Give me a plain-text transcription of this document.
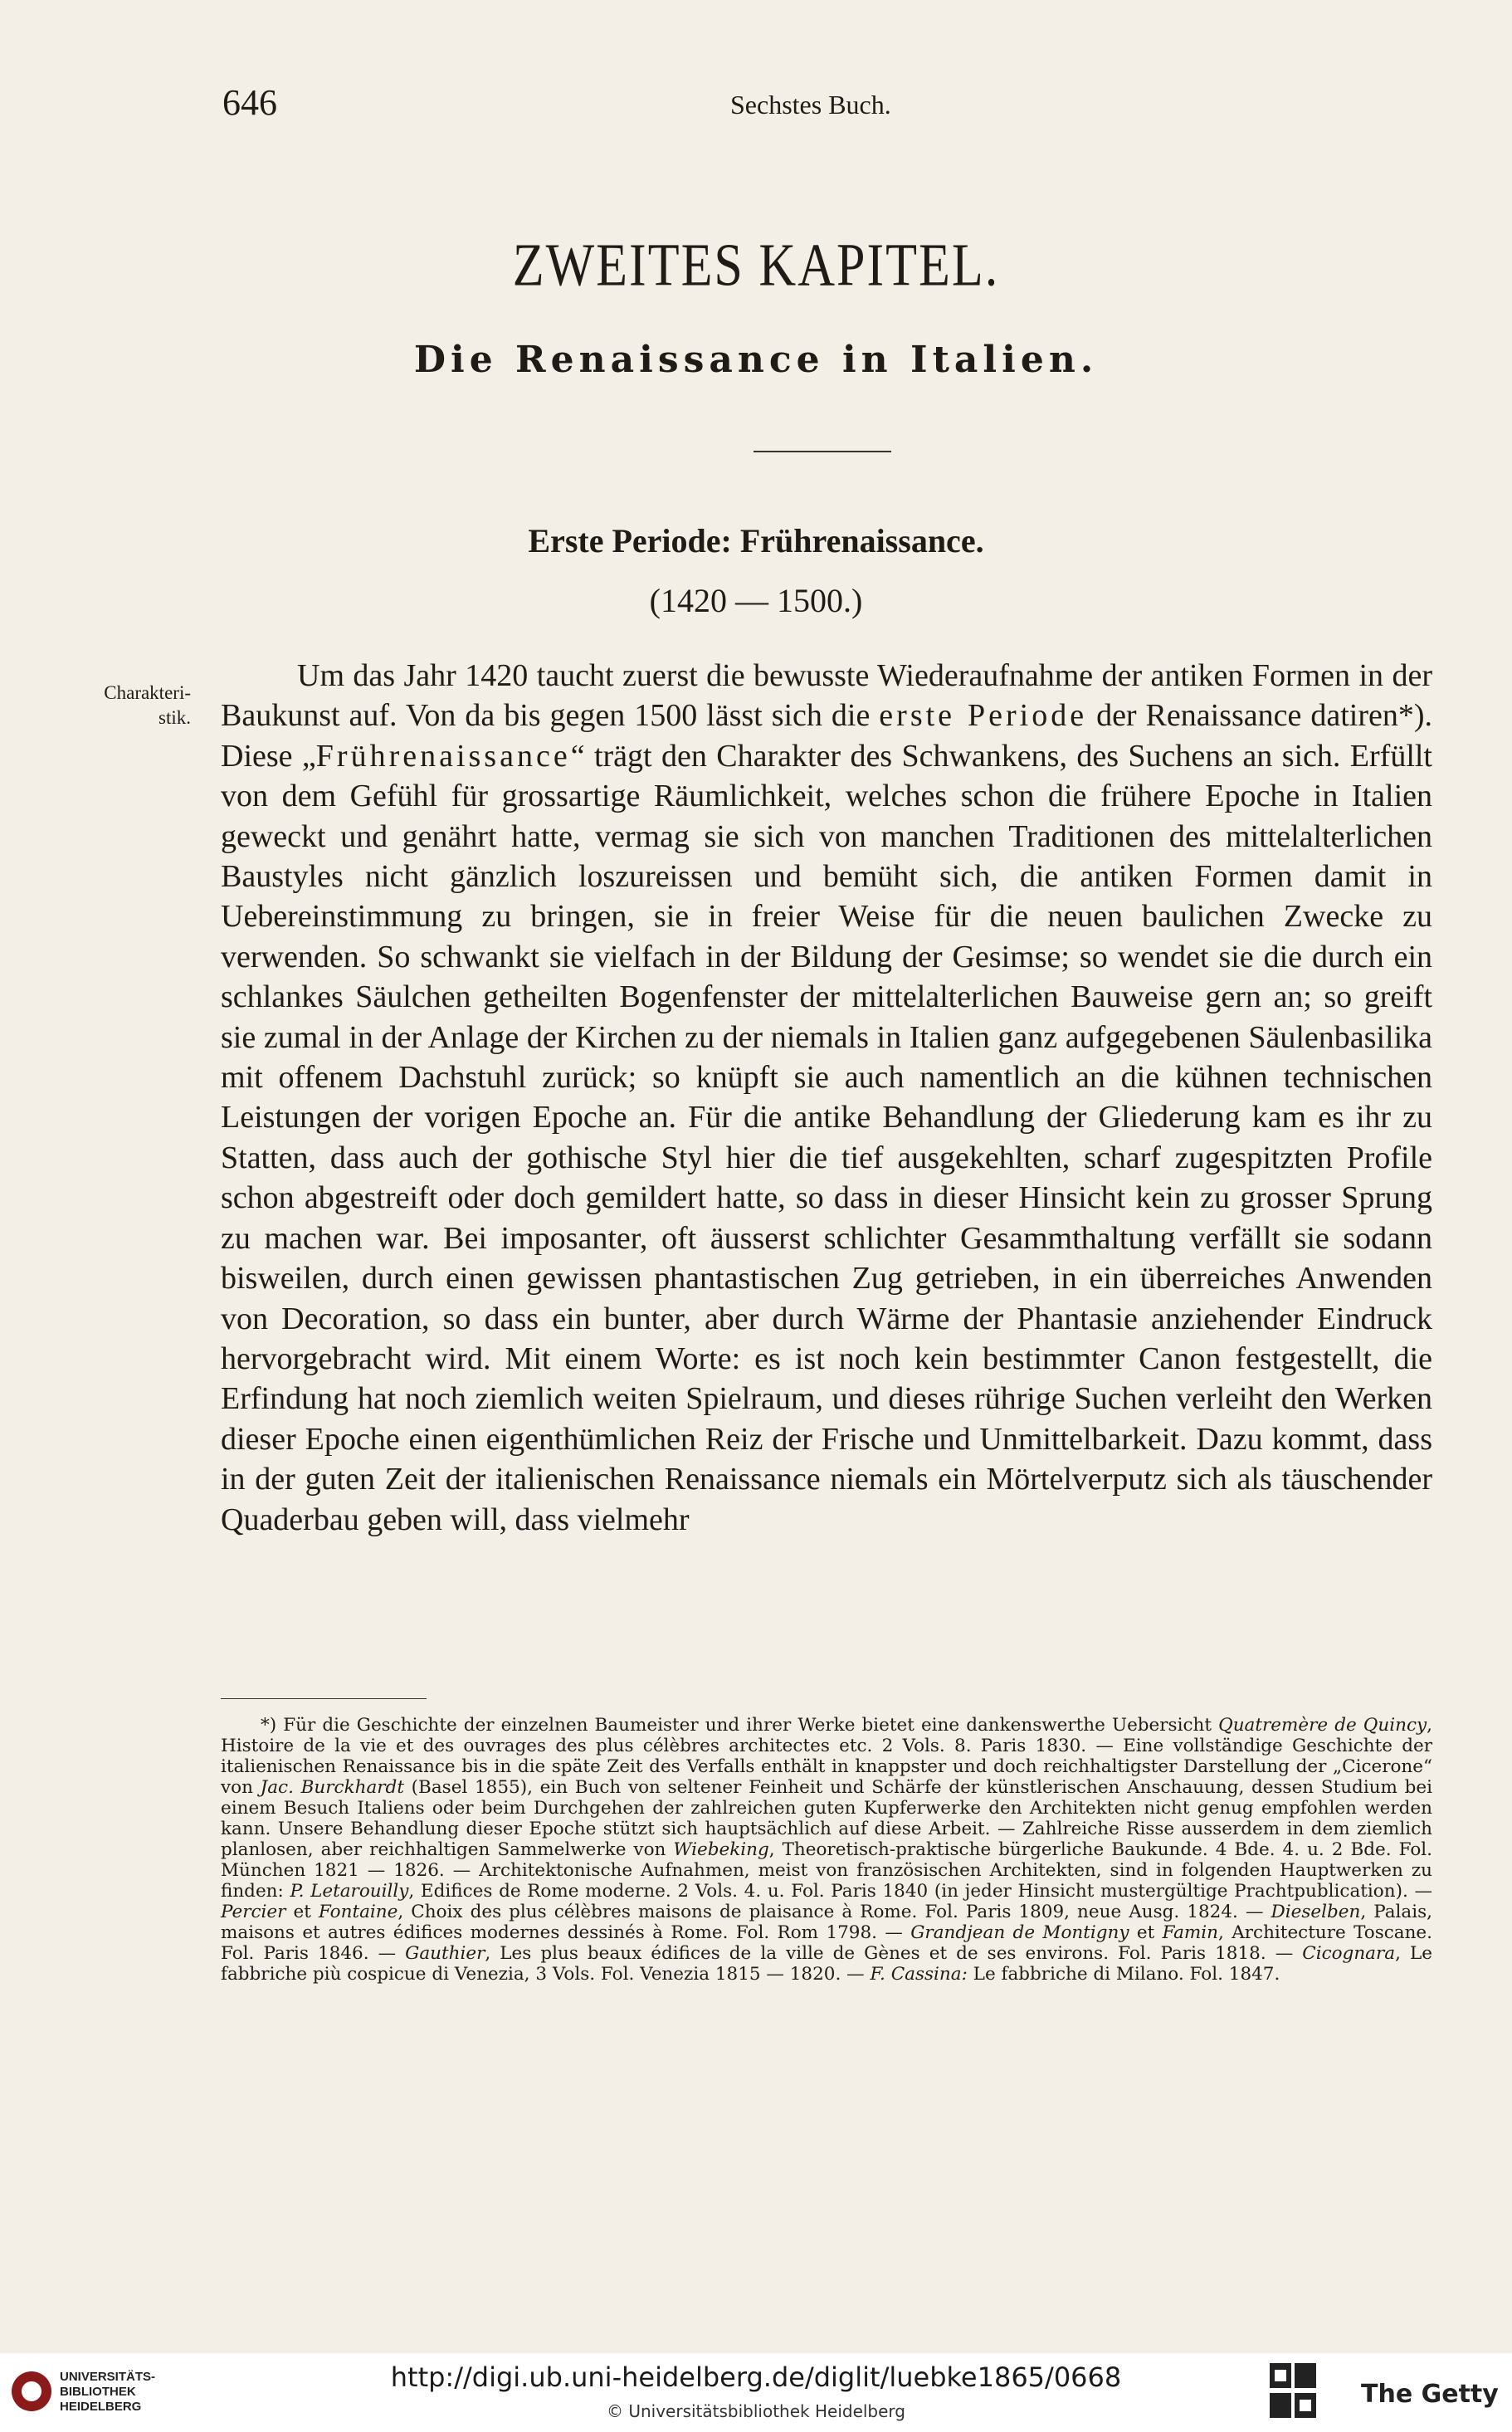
646	Sechstes Buch.
ZWEITES KAPITEL.
Die Renaissance in Italien.
Erste Periode: Frührenaissance.
(1420 — 1500.)
Charakteri-
stik.

Um das Jahr 1420 taucht zuerst die bewusste Wiederaufnahme der antiken Formen in der Baukunst auf. Von da bis gegen 1500 lässt sich die erste Periode der Renaissance datiren*). Diese „Frührenaissance“ trägt den Charakter des Schwankens, des Suchens an sich. Erfüllt von dem Gefühl für grossartige Räumlichkeit, welches schon die frühere Epoche in Italien geweckt und genährt hatte, vermag sie sich von manchen Traditionen des mittelalterlichen Baustyles nicht gänzlich loszureissen und bemüht sich, die antiken Formen damit in Uebereinstimmung zu bringen, sie in freier Weise für die neuen baulichen Zwecke zu verwenden. So schwankt sie vielfach in der Bildung der Gesimse; so wendet sie die durch ein schlankes Säulchen getheilten Bogenfenster der mittelalterlichen Bauweise gern an; so greift sie zumal in der Anlage der Kirchen zu der niemals in Italien ganz aufgegebenen Säulenbasilika mit offenem Dachstuhl zurück; so knüpft sie auch namentlich an die kühnen technischen Leistungen der vorigen Epoche an. Für die antike Behandlung der Gliederung kam es ihr zu Statten, dass auch der gothische Styl hier die tief ausgekehlten, scharf zugespitzten Profile schon abgestreift oder doch gemildert hatte, so dass in dieser Hinsicht kein zu grosser Sprung zu machen war. Bei imposanter, oft äusserst schlichter Gesammthaltung verfällt sie sodann bisweilen, durch einen gewissen phantastischen Zug getrieben, in ein überreiches Anwenden von Decoration, so dass ein bunter, aber durch Wärme der Phantasie anziehender Eindruck hervorgebracht wird. Mit einem Worte: es ist noch kein bestimmter Canon festgestellt, die Erfindung hat noch ziemlich weiten Spielraum, und dieses rührige Suchen verleiht den Werken dieser Epoche einen eigenthümlichen Reiz der Frische und Unmittelbarkeit. Dazu kommt, dass in der guten Zeit der italienischen Renaissance niemals ein Mörtelverputz sich als täuschender Quaderbau geben will, dass vielmehr

*) Für die Geschichte der einzelnen Baumeister und ihrer Werke bietet eine dankenswerthe Uebersicht Quatremère de Quincy, Histoire de la vie et des ouvrages des plus célèbres architectes etc. 2 Vols. 8. Paris 1830. — Eine vollständige Geschichte der italienischen Renaissance bis in die späte Zeit des Verfalls enthält in knappster und doch reichhaltigster Darstellung der „Cicerone“ von Jac. Burckhardt (Basel 1855), ein Buch von seltener Feinheit und Schärfe der künstlerischen Anschauung, dessen Studium bei einem Besuch Italiens oder beim Durchgehen der zahlreichen guten Kupferwerke den Architekten nicht genug empfohlen werden kann. Unsere Behandlung dieser Epoche stützt sich hauptsächlich auf diese Arbeit. — Zahlreiche Risse ausserdem in dem ziemlich planlosen, aber reichhaltigen Sammelwerke von Wiebeking, Theoretisch-praktische bürgerliche Baukunde. 4 Bde. 4. u. 2 Bde. Fol. München 1821 — 1826. — Architektonische Aufnahmen, meist von französischen Architekten, sind in folgenden Hauptwerken zu finden: P. Letarouilly, Edifices de Rome moderne. 2 Vols. 4. u. Fol. Paris 1840 (in jeder Hinsicht mustergültige Prachtpublication). — Percier et Fontaine, Choix des plus célèbres maisons de plaisance à Rome. Fol. Paris 1809, neue Ausg. 1824. — Dieselben, Palais, maisons et autres édifices modernes dessinés à Rome. Fol. Rom 1798. — Grandjean de Montigny et Famin, Architecture Toscane. Fol. Paris 1846. — Gauthier, Les plus beaux édifices de la ville de Gènes et de ses environs. Fol. Paris 1818. — Cicognara, Le fabbriche più cospicue di Venezia, 3 Vols. Fol. Venezia 1815 — 1820. — F. Cassina: Le fabbriche di Milano. Fol. 1847.

UNIVERSITÄTS-
BIBLIOTHEK
HEIDELBERG
http://digi.ub.uni-heidelberg.de/diglit/luebke1865/0668
© Universitätsbibliothek Heidelberg
The Getty
